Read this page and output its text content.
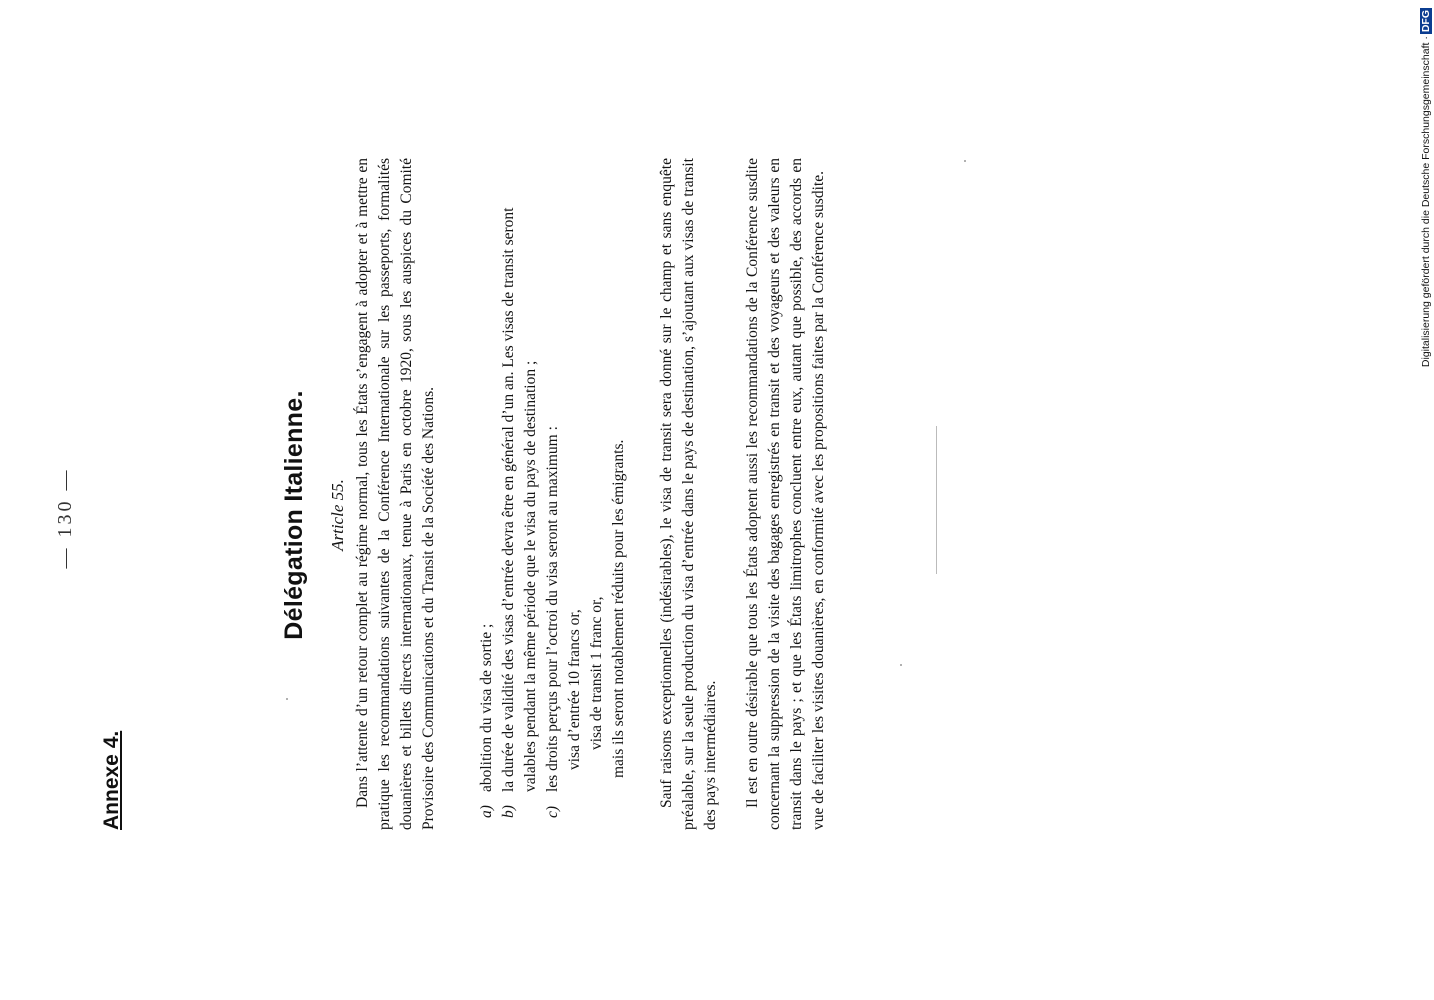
— 130 —
Annexe 4.
Délégation Italienne. Article 55. Dans l’attente d’un retour complet au régime normal, tous les États s’engagent à adopter et à mettre en pratique les recommandations suivantes de la Conférence Internationale sur les passeports, formalités douanières et billets directs internationaux, tenue à Paris en octobre 1920, sous les auspices du Comité Provisoire des Communications et du Transit de la Société des Nations.	a)
abolition du visa de sortie ;
b)
la durée de validité des visas d’entrée devra être en général d’un an. Les visas de transit seront valables pendant la même période que le visa du pays de destination ;
c)
les droits perçus pour l’octroi du visa seront au maximum : visa d’entrée 10 francs or, visa de transit 1 franc or, mais ils seront notablement réduits pour les émigrants. Sauf raisons exceptionnelles (indésirables), le visa de transit sera donné sur le champ et sans enquête préalable, sur la seule production du visa d’entrée dans le pays de destination, s’ajoutant aux visas de transit des pays intermédiaires. Il est en outre désirable que tous les États adoptent aussi les recommandations de la Conférence susdite concernant la suppression de la visite des bagages enregistrés en transit et des voyageurs et des valeurs en transit dans le pays ; et que les États limitrophes concluent entre eux, autant que possible, des accords en vue de faciliter les visites douanières, en conformité avec les propositions faites par la Conférence susdite.	Digitalisierung gefördert durch die Deutsche Forschungsgemeinschaft ·DFG
